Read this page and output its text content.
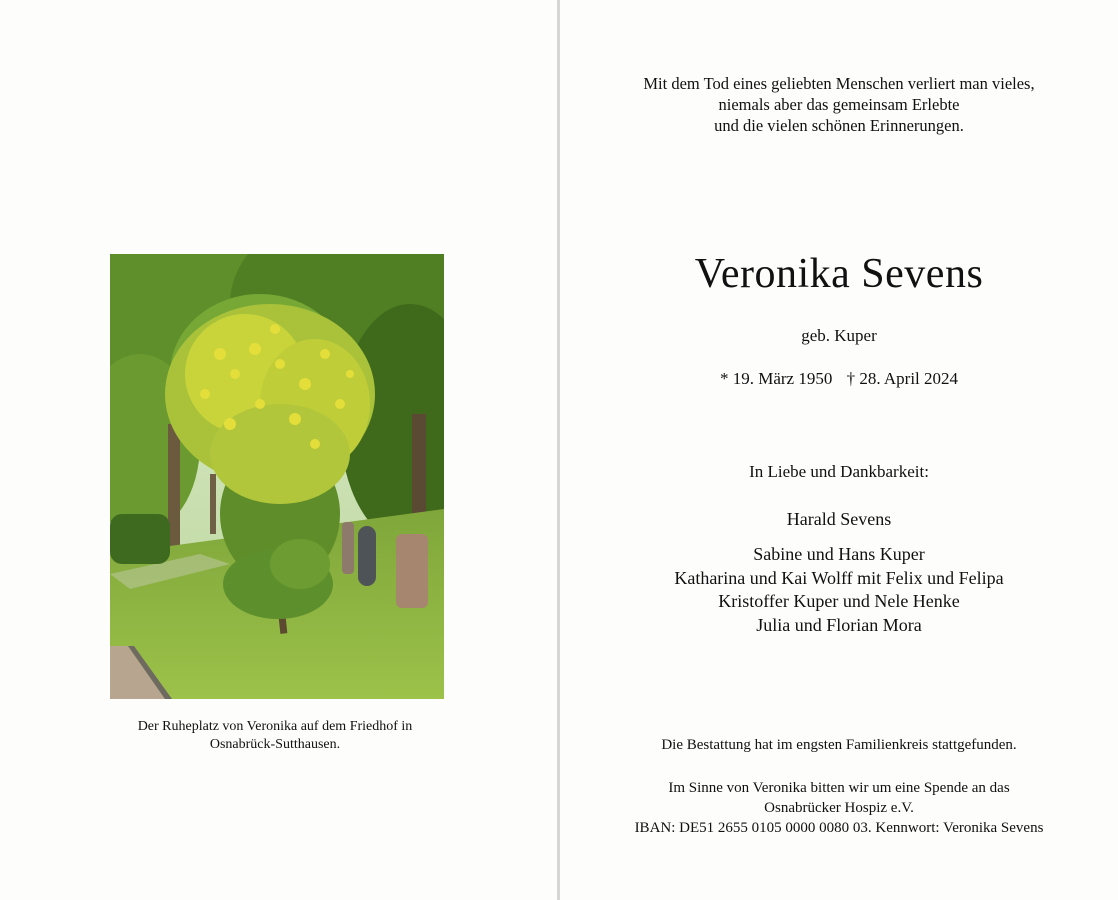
Der Ruheplatz von Veronika auf dem Friedhof in
Osnabrück-Sutthausen.
Mit dem Tod eines geliebten Menschen verliert man vieles,
niemals aber das gemeinsam Erlebte
und die vielen schönen Erinnerungen.
Veronika Sevens
geb. Kuper
* 19. März 1950 † 28. April 2024
In Liebe und Dankbarkeit:
Harald Sevens
Sabine und Hans Kuper
Katharina und Kai Wolff mit Felix und Felipa
Kristoffer Kuper und Nele Henke
Julia und Florian Mora
Die Bestattung hat im engsten Familienkreis stattgefunden.
Im Sinne von Veronika bitten wir um eine Spende an das
Osnabrücker Hospiz e.V.
IBAN: DE51 2655 0105 0000 0080 03. Kennwort: Veronika Sevens
